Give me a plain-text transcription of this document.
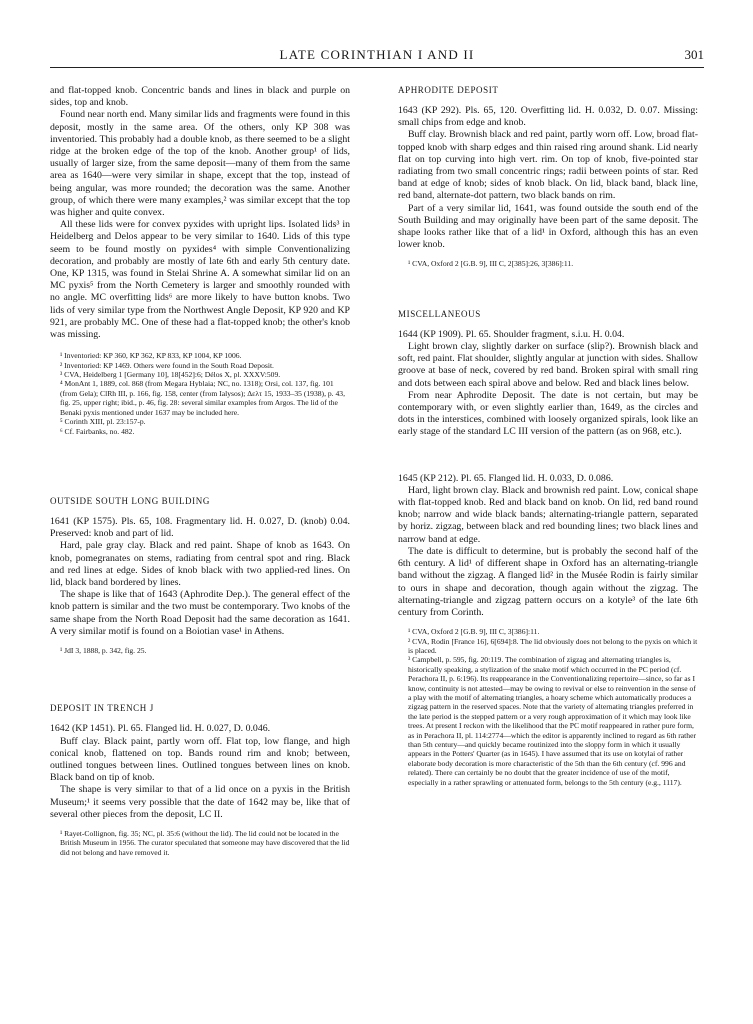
LATE CORINTHIAN I AND II	301

and flat-topped knob. Concentric bands and lines in black and purple on sides, top and knob.

Found near north end. Many similar lids and fragments were found in this deposit, mostly in the same area. Of the others, only KP 308 was inventoried. This probably had a double knob, as there seemed to be a slight ridge at the broken edge of the top of the knob. Another group¹ of lids, usually of larger size, from the same deposit—many of them from the same area as 1640—were very similar in shape, except that the top, instead of being angular, was more rounded; the decoration was the same. Another group, of which there were many examples,² was similar except that the top was higher and quite convex.

All these lids were for convex pyxides with upright lips. Isolated lids³ in Heidelberg and Delos appear to be very similar to 1640. Lids of this type seem to be found mostly on pyxides⁴ with simple Conventionalizing decoration, and probably are mostly of late 6th and early 5th century date. One, KP 1315, was found in Stelai Shrine A. A somewhat similar lid on an MC pyxis⁵ from the North Cemetery is larger and smoothly rounded with no angle. MC overfitting lids⁶ are more likely to have button knobs. Two lids of very similar type from the Northwest Angle Deposit, KP 920 and KP 921, are probably MC. One of these had a flat-topped knob; the other's knob was missing.

¹ Inventoried: KP 360, KP 362, KP 833, KP 1004, KP 1006.

² Inventoried: KP 1469. Others were found in the South Road Deposit.

³ CVA, Heidelberg 1 [Germany 10], 18[452]:6; Délos X, pl. XXXV:509.

⁴ MonAnt 1, 1889, col. 868 (from Megara Hyblaia; NC, no. 1318); Orsi, col. 137, fig. 101 (from Gela); ClRh III, p. 166, fig. 158, center (from Ialysos); Δελτ 15, 1933–35 (1938), p. 43, fig. 25, upper right; ibid., p. 46, fig. 28: several similar examples from Argos. The lid of the Benaki pyxis mentioned under 1637 may be included here.

⁵ Corinth XIII, pl. 23:157-p.

⁶ Cf. Fairbanks, no. 482.

OUTSIDE SOUTH LONG BUILDING

1641 (KP 1575). Pls. 65, 108. Fragmentary lid. H. 0.027, D. (knob) 0.04. Preserved: knob and part of lid.

Hard, pale gray clay. Black and red paint. Shape of knob as 1643. On knob, pomegranates on stems, radiating from central spot and ring. Black and red lines at edge. Sides of knob black with two applied-red lines. On lid, black band bordered by lines.

The shape is like that of 1643 (Aphrodite Dep.). The general effect of the knob pattern is similar and the two must be contemporary. Two knobs of the same shape from the North Road Deposit had the same decoration as 1641. A very similar motif is found on a Boiotian vase¹ in Athens.

¹ JdI 3, 1888, p. 342, fig. 25.

DEPOSIT IN TRENCH J

1642 (KP 1451). Pl. 65. Flanged lid. H. 0.027, D. 0.046.

Buff clay. Black paint, partly worn off. Flat top, low flange, and high conical knob, flattened on top. Bands round rim and knob; between, outlined tongues between lines. Outlined tongues between lines on knob. Black band on tip of knob.

The shape is very similar to that of a lid once on a pyxis in the British Museum;¹ it seems very possible that the date of 1642 may be, like that of several other pieces from the deposit, LC II.

¹ Rayet-Collignon, fig. 35; NC, pl. 35:6 (without the lid). The lid could not be located in the British Museum in 1956. The curator speculated that someone may have discovered that the lid did not belong and have removed it.

APHRODITE DEPOSIT

1643 (KP 292). Pls. 65, 120. Overfitting lid. H. 0.032, D. 0.07. Missing: small chips from edge and knob.

Buff clay. Brownish black and red paint, partly worn off. Low, broad flat-topped knob with sharp edges and thin raised ring around shank. Lid nearly flat on top curving into high vert. rim. On top of knob, five-pointed star radiating from two small concentric rings; radii between points of star. Red band at edge of knob; sides of knob black. On lid, black band, black line, red band, alternate-dot pattern, two black bands on rim.

Part of a very similar lid, 1641, was found outside the south end of the South Building and may originally have been part of the same deposit. The shape looks rather like that of a lid¹ in Oxford, although this has an even lower knob.

¹ CVA, Oxford 2 [G.B. 9], III C, 2[385]:26, 3[386]:11.

MISCELLANEOUS

1644 (KP 1909). Pl. 65. Shoulder fragment, s.i.u. H. 0.04.

Light brown clay, slightly darker on surface (slip?). Brownish black and soft, red paint. Flat shoulder, slightly angular at junction with sides. Shallow groove at base of neck, covered by red band. Broken spiral with small ring and dots between each spiral above and below. Red and black lines below.

From near Aphrodite Deposit. The date is not certain, but may be contemporary with, or even slightly earlier than, 1649, as the circles and dots in the interstices, combined with loosely organized spirals, look like an early stage of the standard LC III version of the pattern (as on 968, etc.).

1645 (KP 212). Pl. 65. Flanged lid. H. 0.033, D. 0.086.

Hard, light brown clay. Black and brownish red paint. Low, conical shape with flat-topped knob. Red and black band on knob. On lid, red band round knob; narrow and wide black bands; alternating-triangle pattern, separated by horiz. zigzag, between black and red bounding lines; two black lines and narrow band at edge.

The date is difficult to determine, but is probably the second half of the 6th century. A lid¹ of different shape in Oxford has an alternating-triangle band without the zigzag. A flanged lid² in the Musée Rodin is fairly similar to ours in shape and decoration, though again without the zigzag. The alternating-triangle and zigzag pattern occurs on a kotyle³ of the late 6th century from Corinth.

¹ CVA, Oxford 2 [G.B. 9], III C, 3[386]:11.

² CVA, Rodin [France 16], 6[694]:8. The lid obviously does not belong to the pyxis on which it is placed.

³ Campbell, p. 595, fig. 20:119. The combination of zigzag and alternating triangles is, historically speaking, a stylization of the snake motif which occurred in the PC period (cf. Perachora II, p. 6:196). Its reappearance in the Conventionalizing repertoire—since, so far as I know, continuity is not attested—may be owing to revival or else to reinvention in the sense of a play with the motif of alternating triangles, a hoary scheme which automatically produces a zigzag pattern in the reserved spaces. Note that the variety of alternating triangles preferred in the late period is the stepped pattern or a very rough approximation of it which may look like trees. At present I reckon with the likelihood that the PC motif reappeared in rather pure form, as in Perachora II, pl. 114:2774—which the editor is apparently inclined to regard as 6th rather than 5th century—and quickly became routinized into the sloppy form in which it usually appears in the Potters' Quarter (as in 1645). I have assumed that its use on kotylai of rather elaborate body decoration is more characteristic of the 5th than the 6th century (cf. 996 and related). There can certainly be no doubt that the greater incidence of use of the motif, especially in a rather sprawling or attenuated form, belongs to the 5th century (e.g., 1117).
